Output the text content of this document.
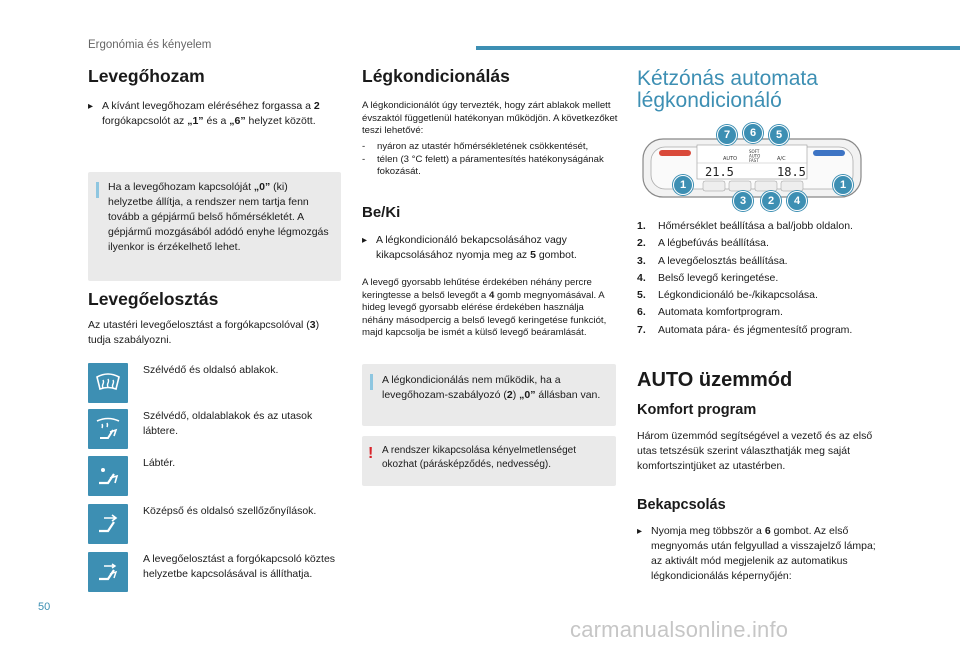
Ergonómia és kényelem
Levegőhozam
▸ A kívánt levegőhozam eléréséhez forgassa a 2 forgókapcsolót az „1” és a „6” helyzet között.
Ha a levegőhozam kapcsolóját „0” (ki) helyzetbe állítja, a rendszer nem tartja fenn tovább a gépjármű belső hőmérsékletét. A gépjármű mozgásából adódó enyhe légmozgás ilyenkor is érzékelhető lehet.
Levegőelosztás
Az utastéri levegőelosztást a forgókapcsolóval (3) tudja szabályozni.
Szélvédő és oldalsó ablakok.
Szélvédő, oldalablakok és az utasok lábtere.
Lábtér.
Középső és oldalsó szellőzőnyílások.
A levegőelosztást a forgókapcsoló köztes helyzetbe kapcsolásával is állíthatja.
Légkondicionálás
A légkondicionálót úgy tervezték, hogy zárt ablakok mellett évszaktól függetlenül hatékonyan működjön. A következőket teszi lehetővé:
- nyáron az utastér hőmérsékletének csökkentését,
- télen (3 °C felett) a páramentesítés hatékonyságának fokozását.
Be/Ki
▸ A légkondicionáló bekapcsolásához vagy kikapcsolásához nyomja meg az 5 gombot.
A levegő gyorsabb lehűtése érdekében néhány percre keringtesse a belső levegőt a 4 gomb megnyomásával. A hideg levegő gyorsabb elérése érdekében használja néhány másodpercig a belső levegő keringetése funkciót, majd kapcsolja be ismét a külső levegő beáramlását.
A légkondicionálás nem működik, ha a levegőhozam-szabályozó (2) „0” állásban van.
! A rendszer kikapcsolása kényelmetlenséget okozhat (párásképződés, nedvesség).
Kétzónás automata
légkondicionáló
21.5	18.5
AUTO
SOFT
AUTO
FAST	A/C
7	6	5
1
3	2	4
1
1. Hőmérséklet beállítása a bal/jobb oldalon.
2. A légbefúvás beállítása.
3. A levegőelosztás beállítása.
4. Belső levegő keringetése.
5. Légkondicionáló be-/kikapcsolása.
6. Automata komfortprogram.
7. Automata pára- és jégmentesítő program.
AUTO üzemmód
Komfort program
Három üzemmód segítségével a vezető és az első utas tetszésük szerint választhatják meg saját komfortszintjüket az utastérben.
Bekapcsolás
▸ Nyomja meg többször a 6 gombot. Az első megnyomás után felgyullad a visszajelző lámpa; az aktivált mód megjelenik az automatikus légkondicionálás képernyőjén:
50
carmanualsonline.info
